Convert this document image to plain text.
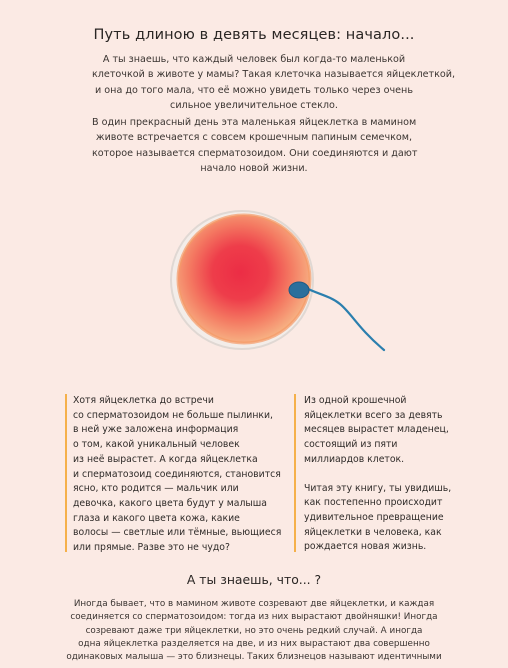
Путь длиною в девять месяцев: начало...
А ты знаешь, что каждый человек был когда-то маленькой
клеточкой в животе у мамы? Такая клеточка называется яйцеклеткой,
и она до того мала, что её можно увидеть только через очень
сильное увеличительное стекло.
В один прекрасный день эта маленькая яйцеклетка в мамином
животе встречается с совсем крошечным папиным семечком,
которое называется сперматозоидом. Они соединяются и дают
начало новой жизни.
Хотя яйцеклетка до встречи
со сперматозоидом не больше пылинки,
в ней уже заложена информация
о том, какой уникальный человек
из неё вырастет. А когда яйцеклетка
и сперматозоид соединяются, становится
ясно, кто родится — мальчик или
девочка, какого цвета будут у малыша
глаза и какого цвета кожа, какие
волосы — светлые или тёмные, вьющиеся
или прямые. Разве это не чудо?
Из одной крошечной
яйцеклетки всего за девять
месяцев вырастет младенец,
состоящий из пяти
миллиардов клеток.
Читая эту книгу, ты увидишь,
как постепенно происходит
удивительное превращение
яйцеклетки в человека, как
рождается новая жизнь.
А ты знаешь, что... ?
Иногда бывает, что в мамином животе созревают две яйцеклетки, и каждая
соединяется со сперматозоидом: тогда из них вырастают двойняшки! Иногда
созревают даже три яйцеклетки, но это очень редкий случай. А иногда
одна яйцеклетка разделяется на две, и из них вырастают два совершенно
одинаковых малыша — это близнецы. Таких близнецов называют идентичными
